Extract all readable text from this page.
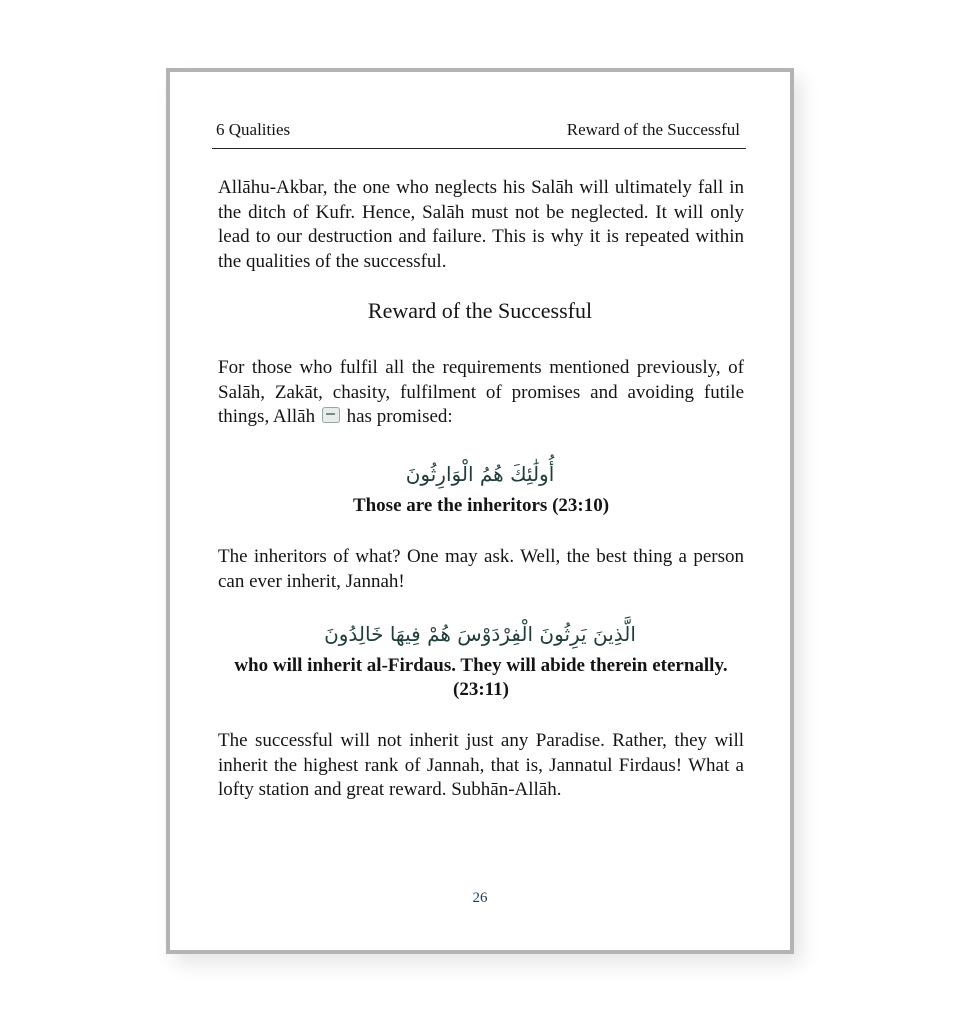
6 Qualities	Reward of the Successful

Allāhu-Akbar, the one who neglects his Salāh will ultimately fall in the ditch of Kufr. Hence, Salāh must not be neglected. It will only lead to our destruction and failure. This is why it is repeated within the qualities of the successful.

Reward of the Successful

For those who fulfil all the requirements mentioned previously, of Salāh, Zakāt, chasity, fulfilment of promises and avoiding futile things, Allāh has promised:

أُولَٰئِكَ هُمُ الْوَارِثُونَ
Those are the inheritors (23:10)

The inheritors of what? One may ask. Well, the best thing a person can ever inherit, Jannah!

الَّذِينَ يَرِثُونَ الْفِرْدَوْسَ هُمْ فِيهَا خَالِدُونَ
who will inherit al-Firdaus. They will abide therein eternally. (23:11)

The successful will not inherit just any Paradise. Rather, they will inherit the highest rank of Jannah, that is, Jannatul Firdaus! What a lofty station and great reward. Subhān-Allāh.

26
